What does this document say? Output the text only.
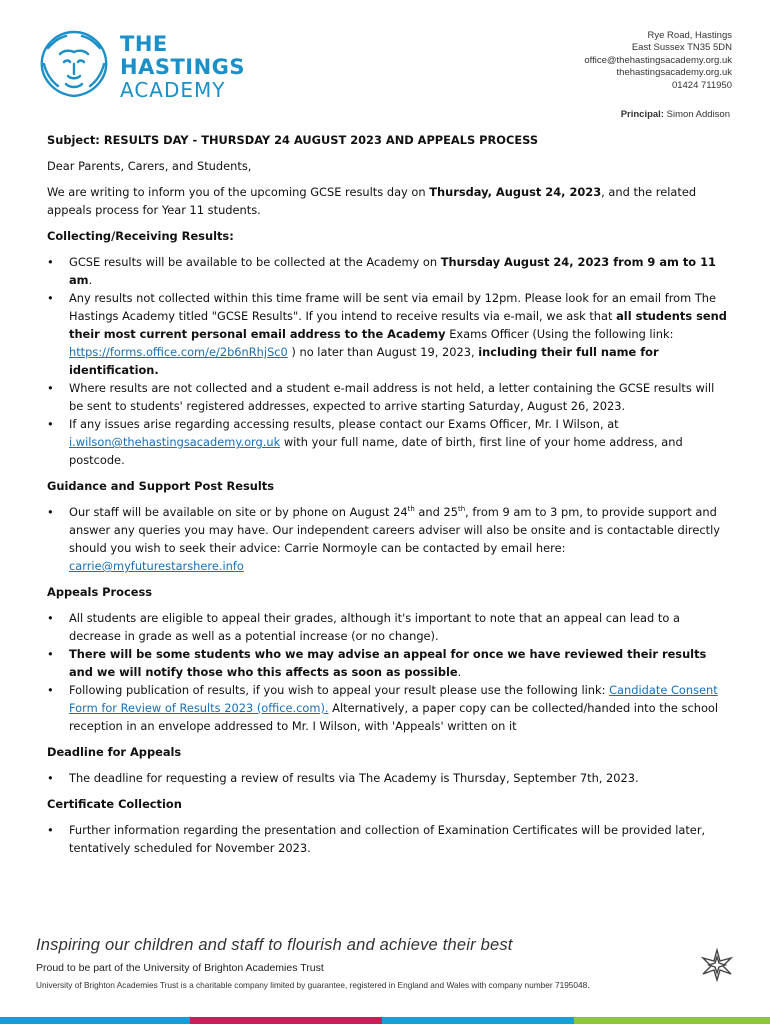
THE
HASTINGS
ACADEMY
Rye Road, Hastings
East Sussex TN35 5DN
office@thehastingsacademy.org.uk
thehastingsacademy.org.uk
01424 711950
Principal: Simon Addison

Subject: RESULTS DAY - THURSDAY 24 AUGUST 2023 AND APPEALS PROCESS

Dear Parents, Carers, and Students,

We are writing to inform you of the upcoming GCSE results day on Thursday, August 24, 2023, and the related appeals process for Year 11 students.

Collecting/Receiving Results:

• GCSE results will be available to be collected at the Academy on Thursday August 24, 2023 from 9 am to 11 am.
• Any results not collected within this time frame will be sent via email by 12pm. Please look for an email from The Hastings Academy titled "GCSE Results". If you intend to receive results via e-mail, we ask that all students send their most current personal email address to the Academy Exams Officer (Using the following link: https://forms.office.com/e/2b6nRhjSc0 ) no later than August 19, 2023, including their full name for identification.
• Where results are not collected and a student e-mail address is not held, a letter containing the GCSE results will be sent to students' registered addresses, expected to arrive starting Saturday, August 26, 2023.
• If any issues arise regarding accessing results, please contact our Exams Officer, Mr. I Wilson, at i.wilson@thehastingsacademy.org.uk with your full name, date of birth, first line of your home address, and postcode.

Guidance and Support Post Results

• Our staff will be available on site or by phone on August 24th and 25th, from 9 am to 3 pm, to provide support and answer any queries you may have. Our independent careers adviser will also be onsite and is contactable directly should you wish to seek their advice: Carrie Normoyle can be contacted by email here: carrie@myfuturestarshere.info

Appeals Process

• All students are eligible to appeal their grades, although it's important to note that an appeal can lead to a decrease in grade as well as a potential increase (or no change).
• There will be some students who we may advise an appeal for once we have reviewed their results and we will notify those who this affects as soon as possible.
• Following publication of results, if you wish to appeal your result please use the following link: Candidate Consent Form for Review of Results 2023 (office.com). Alternatively, a paper copy can be collected/handed into the school reception in an envelope addressed to Mr. I Wilson, with 'Appeals' written on it

Deadline for Appeals

• The deadline for requesting a review of results via The Academy is Thursday, September 7th, 2023.

Certificate Collection

• Further information regarding the presentation and collection of Examination Certificates will be provided later, tentatively scheduled for November 2023.
Inspiring our children and staff to flourish and achieve their best
Proud to be part of the University of Brighton Academies Trust
University of Brighton Academies Trust is a charitable company limited by guarantee, registered in England and Wales with company number 7195048.
